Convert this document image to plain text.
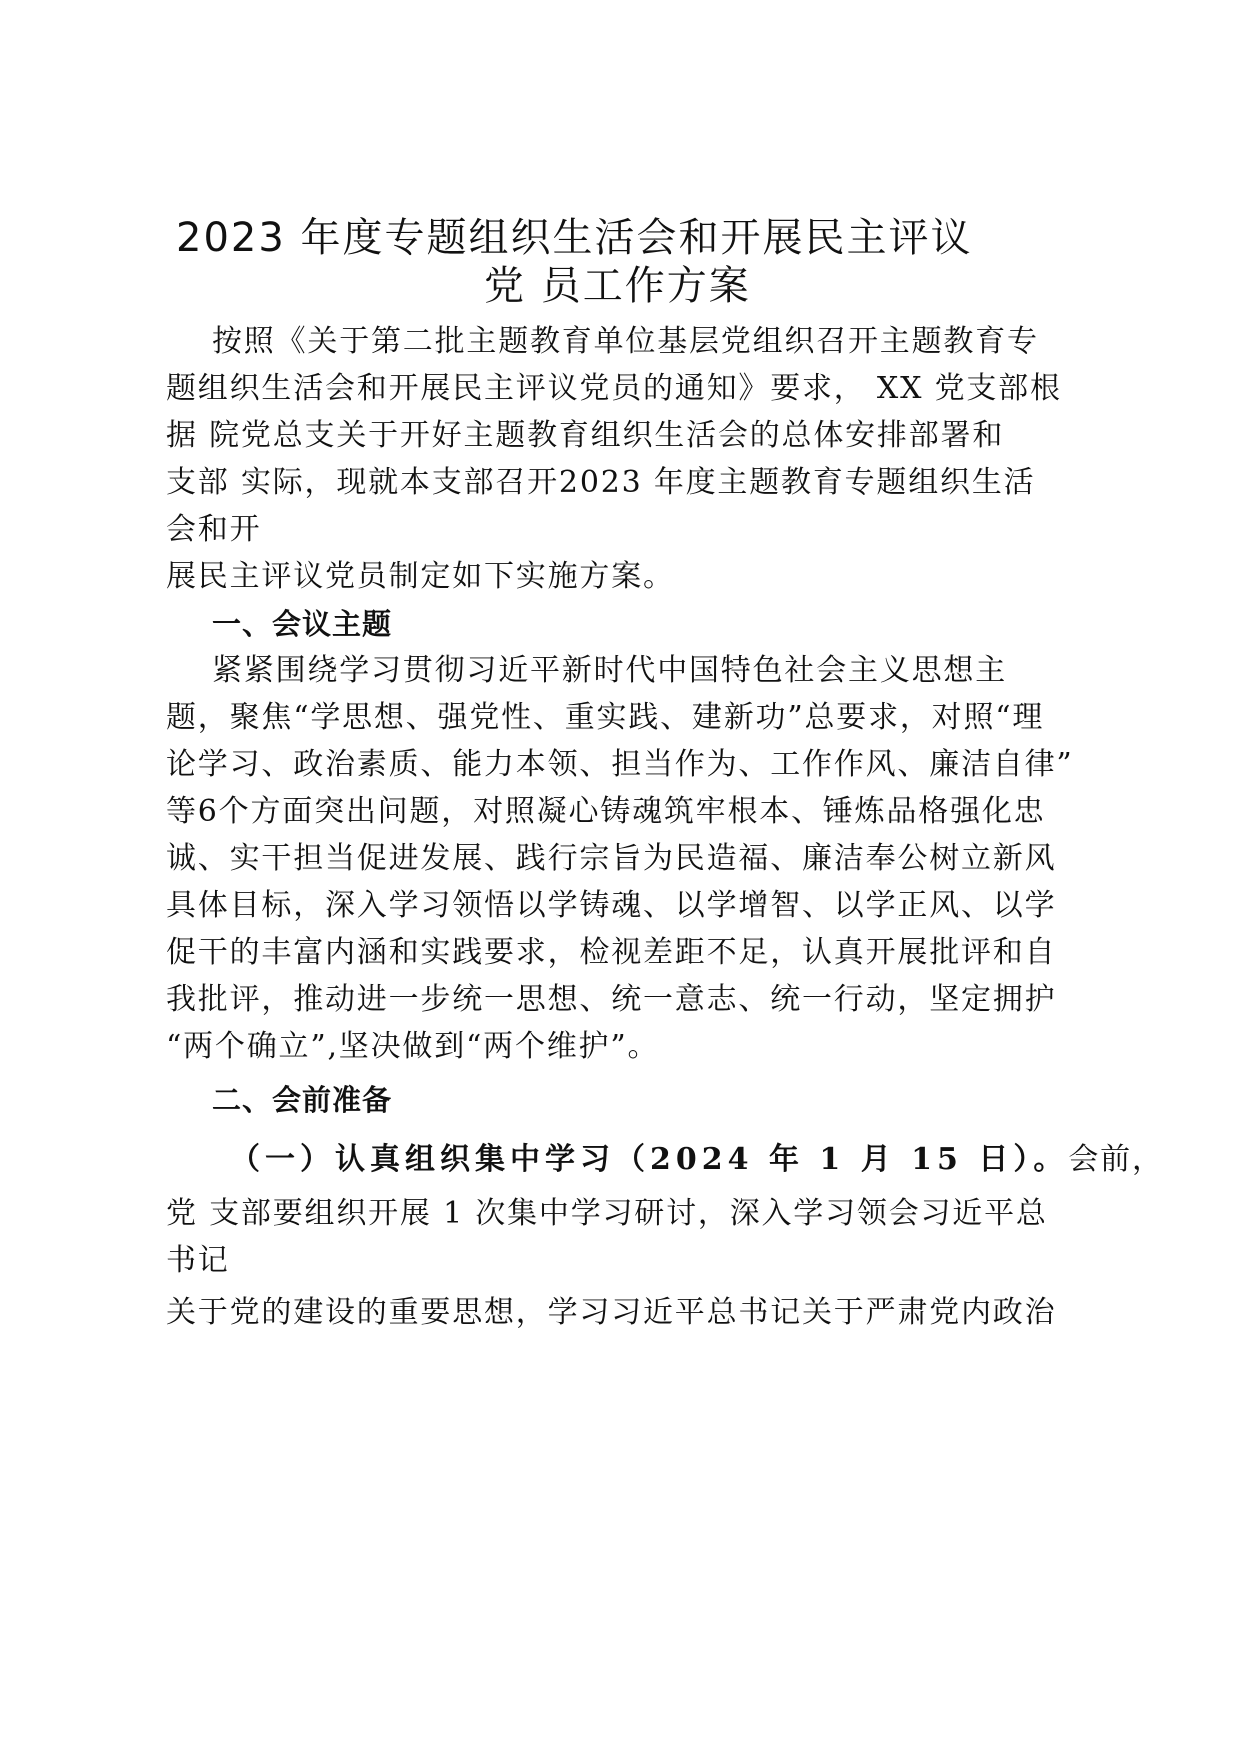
2023 年度专题组织生活会和开展民主评议
党 员工作方案
按照《关于第二批主题教育单位基层党组织召开主题教育专
题组织生活会和开展民主评议党员的通知》要求， XX 党支部根
据 院党总支关于开好主题教育组织生活会的总体安排部署和
支部 实际，现就本支部召开2023 年度主题教育专题组织生活
会和开
展民主评议党员制定如下实施方案。
一、会议主题
紧紧围绕学习贯彻习近平新时代中国特色社会主义思想主
题，聚焦“学思想、强党性、重实践、建新功”总要求，对照“理
论学习、政治素质、能力本领、担当作为、工作作风、廉洁自律”
等6个方面突出问题，对照凝心铸魂筑牢根本、锤炼品格强化忠
诚、实干担当促进发展、践行宗旨为民造福、廉洁奉公树立新风
具体目标，深入学习领悟以学铸魂、以学增智、以学正风、以学
促干的丰富内涵和实践要求，检视差距不足，认真开展批评和自
我批评，推动进一步统一思想、统一意志、统一行动，坚定拥护
“两个确立”,坚决做到“两个维护”。
二、会前准备
（一）认真组织集中学习（2024 年 1 月 15 日）。会前，
党 支部要组织开展 1 次集中学习研讨，深入学习领会习近平总
书记
关于党的建设的重要思想，学习习近平总书记关于严肃党内政治
